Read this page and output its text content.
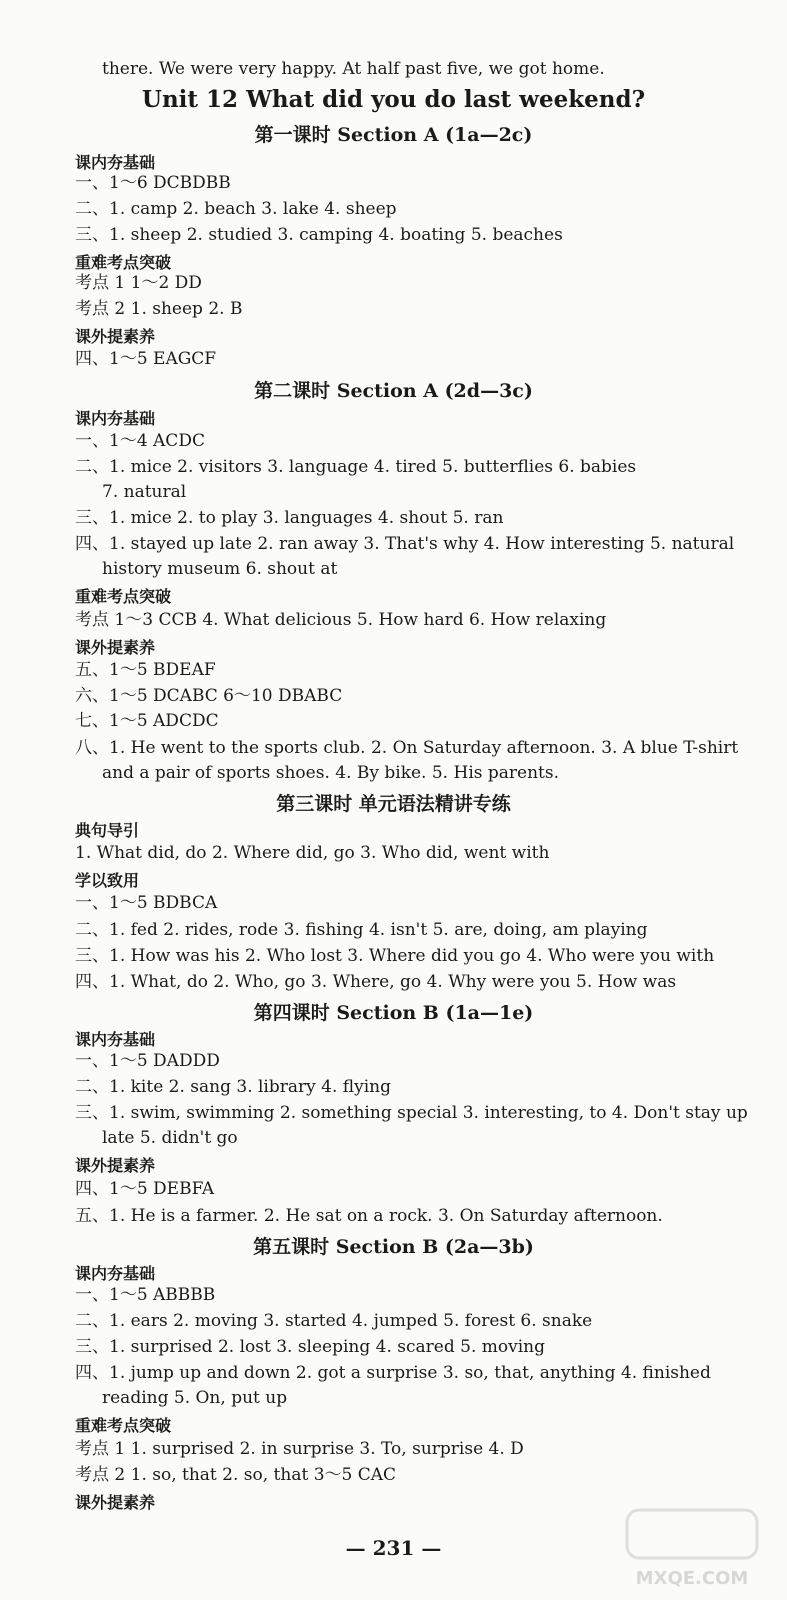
there. We were very happy. At half past five, we got home.
Unit 12 What did you do last weekend?
第一课时 Section A (1a—2c)
课内夯基础
一、1～6 DCBDBB
二、1. camp 2. beach 3. lake 4. sheep
三、1. sheep 2. studied 3. camping 4. boating 5. beaches
重难考点突破
考点 1 1～2 DD
考点 2 1. sheep 2. B
课外提素养
四、1～5 EAGCF
第二课时 Section A (2d—3c)
课内夯基础
一、1～4 ACDC
二、1. mice 2. visitors 3. language 4. tired 5. butterflies 6. babies
7. natural
三、1. mice 2. to play 3. languages 4. shout 5. ran
四、1. stayed up late 2. ran away 3. That's why 4. How interesting 5. natural
history museum 6. shout at
重难考点突破
考点 1～3 CCB 4. What delicious 5. How hard 6. How relaxing
课外提素养
五、1～5 BDEAF
六、1～5 DCABC 6～10 DBABC
七、1～5 ADCDC
八、1. He went to the sports club. 2. On Saturday afternoon. 3. A blue T-shirt
and a pair of sports shoes. 4. By bike. 5. His parents.
第三课时 单元语法精讲专练
典句导引
1. What did, do 2. Where did, go 3. Who did, went with
学以致用
一、1～5 BDBCA
二、1. fed 2. rides, rode 3. fishing 4. isn't 5. are, doing, am playing
三、1. How was his 2. Who lost 3. Where did you go 4. Who were you with
四、1. What, do 2. Who, go 3. Where, go 4. Why were you 5. How was
第四课时 Section B (1a—1e)
课内夯基础
一、1～5 DADDD
二、1. kite 2. sang 3. library 4. flying
三、1. swim, swimming 2. something special 3. interesting, to 4. Don't stay up
late 5. didn't go
课外提素养
四、1～5 DEBFA
五、1. He is a farmer. 2. He sat on a rock. 3. On Saturday afternoon.
第五课时 Section B (2a—3b)
课内夯基础
一、1～5 ABBBB
二、1. ears 2. moving 3. started 4. jumped 5. forest 6. snake
三、1. surprised 2. lost 3. sleeping 4. scared 5. moving
四、1. jump up and down 2. got a surprise 3. so, that, anything 4. finished
reading 5. On, put up
重难考点突破
考点 1 1. surprised 2. in surprise 3. To, surprise 4. D
考点 2 1. so, that 2. so, that 3～5 CAC
课外提素养
— 231 —
MXQE.COM
